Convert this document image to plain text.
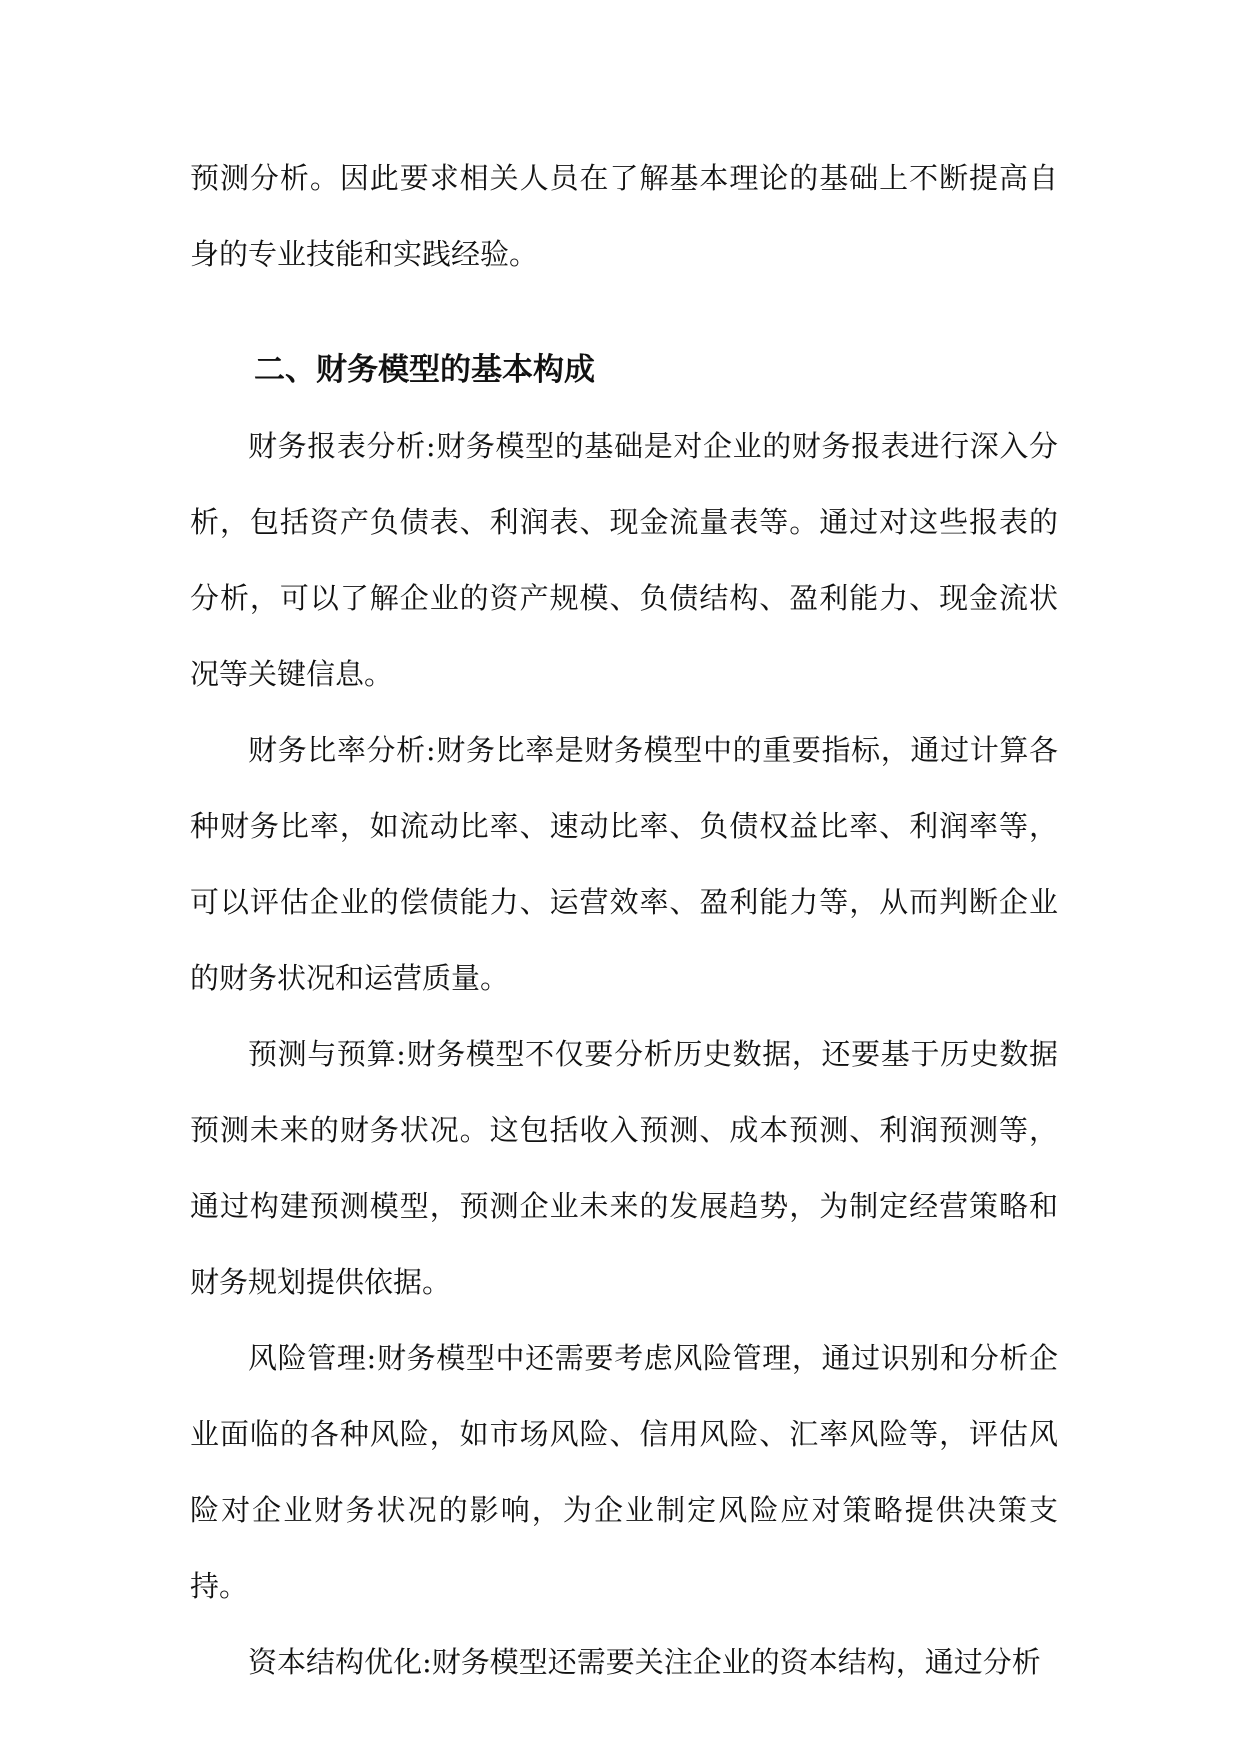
预测分析。因此要求相关人员在了解基本理论的基础上不断提高自身的专业技能和实践经验。

二、财务模型的基本构成

财务报表分析:财务模型的基础是对企业的财务报表进行深入分析，包括资产负债表、利润表、现金流量表等。通过对这些报表的分析，可以了解企业的资产规模、负债结构、盈利能力、现金流状况等关键信息。

财务比率分析:财务比率是财务模型中的重要指标，通过计算各种财务比率，如流动比率、速动比率、负债权益比率、利润率等，可以评估企业的偿债能力、运营效率、盈利能力等，从而判断企业的财务状况和运营质量。

预测与预算:财务模型不仅要分析历史数据，还要基于历史数据预测未来的财务状况。这包括收入预测、成本预测、利润预测等，通过构建预测模型，预测企业未来的发展趋势，为制定经营策略和财务规划提供依据。

风险管理:财务模型中还需要考虑风险管理，通过识别和分析企业面临的各种风险，如市场风险、信用风险、汇率风险等，评估风险对企业财务状况的影响，为企业制定风险应对策略提供决策支持。

资本结构优化:财务模型还需要关注企业的资本结构，通过分析
